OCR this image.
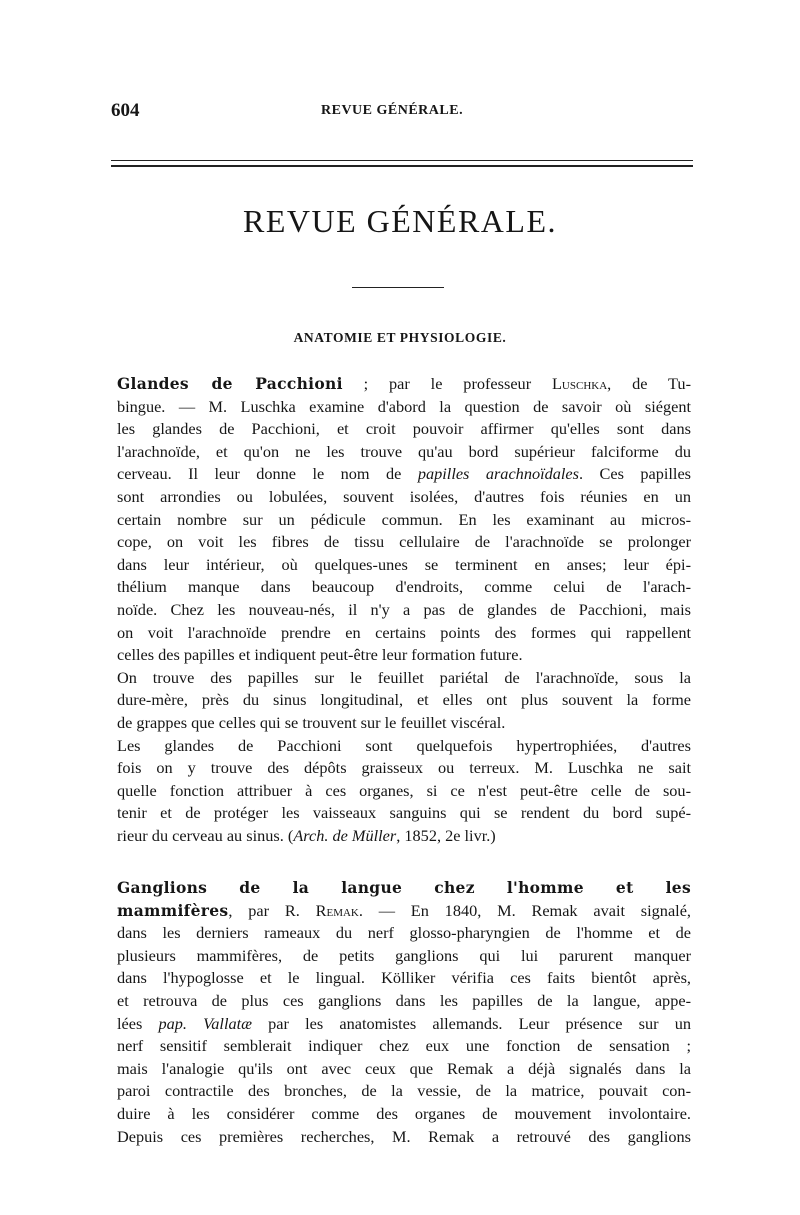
604	REVUE GÉNÉRALE.
REVUE GÉNÉRALE.
ANATOMIE ET PHYSIOLOGIE.

Glandes de Pacchioni ; par le professeur Luschka, de Tu-

bingue. — M. Luschka examine d'abord la question de savoir où siégent

les glandes de Pacchioni, et croit pouvoir affirmer qu'elles sont dans

l'arachnoïde, et qu'on ne les trouve qu'au bord supérieur falciforme du

cerveau. Il leur donne le nom de papilles arachnoïdales. Ces papilles

sont arrondies ou lobulées, souvent isolées, d'autres fois réunies en un

certain nombre sur un pédicule commun. En les examinant au micros-

cope, on voit les fibres de tissu cellulaire de l'arachnoïde se prolonger

dans leur intérieur, où quelques-unes se terminent en anses; leur épi-

thélium manque dans beaucoup d'endroits, comme celui de l'arach-

noïde. Chez les nouveau-nés, il n'y a pas de glandes de Pacchioni, mais

on voit l'arachnoïde prendre en certains points des formes qui rappellent

celles des papilles et indiquent peut-être leur formation future.

On trouve des papilles sur le feuillet pariétal de l'arachnoïde, sous la

dure-mère, près du sinus longitudinal, et elles ont plus souvent la forme

de grappes que celles qui se trouvent sur le feuillet viscéral.

Les glandes de Pacchioni sont quelquefois hypertrophiées, d'autres

fois on y trouve des dépôts graisseux ou terreux. M. Luschka ne sait

quelle fonction attribuer à ces organes, si ce n'est peut-être celle de sou-

tenir et de protéger les vaisseaux sanguins qui se rendent du bord supé-

rieur du cerveau au sinus. (Arch. de Müller, 1852, 2e livr.)

Ganglions de la langue chez l'homme et les

mammifères, par R. Remak. — En 1840, M. Remak avait signalé,

dans les derniers rameaux du nerf glosso-pharyngien de l'homme et de

plusieurs mammifères, de petits ganglions qui lui parurent manquer

dans l'hypoglosse et le lingual. Kölliker vérifia ces faits bientôt après,

et retrouva de plus ces ganglions dans les papilles de la langue, appe-

lées pap. Vallatæ par les anatomistes allemands. Leur présence sur un

nerf sensitif semblerait indiquer chez eux une fonction de sensation ;

mais l'analogie qu'ils ont avec ceux que Remak a déjà signalés dans la

paroi contractile des bronches, de la vessie, de la matrice, pouvait con-

duire à les considérer comme des organes de mouvement involontaire.

Depuis ces premières recherches, M. Remak a retrouvé des ganglions
